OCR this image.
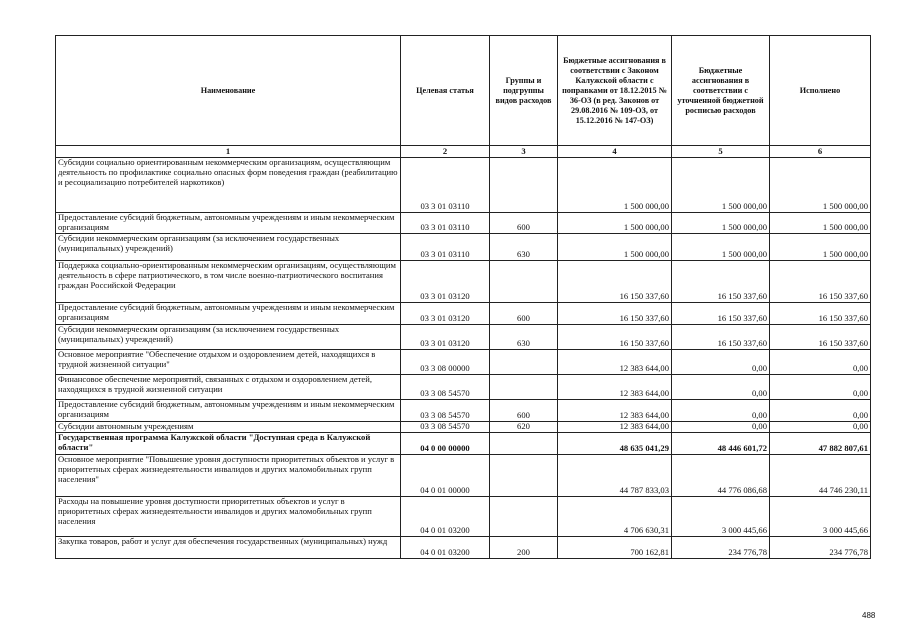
Наименование	Целевая статья	Группы и подгруппы видов расходов	Бюджетные ассигнования в соответствии с Законом Калужской области с поправками от 18.12.2015 № 36-ОЗ (в ред. Законов от 29.08.2016 № 109-ОЗ, от 15.12.2016 № 147-ОЗ)	Бюджетные ассигнования в соответствии с уточненной бюджетной росписью расходов	Исполнено
1	2	3	4	5	6
Субсидии социально ориентированным некоммерческим организациям, осуществляющим деятельность по профилактике социально опасных форм поведения граждан (реабилитацию и ресоциализацию потребителей наркотиков)	03 3 01 03110		1 500 000,00	1 500 000,00	1 500 000,00
Предоставление субсидий бюджетным, автономным учреждениям и иным некоммерческим организациям	03 3 01 03110	600	1 500 000,00	1 500 000,00	1 500 000,00
Субсидии некоммерческим организациям (за исключением государственных (муниципальных) учреждений)	03 3 01 03110	630	1 500 000,00	1 500 000,00	1 500 000,00
Поддержка социально-ориентированным некоммерческим организациям, осуществляющим деятельность в сфере патриотического, в том числе военно-патриотического воспитания граждан Российской Федерации	03 3 01 03120		16 150 337,60	16 150 337,60	16 150 337,60
Предоставление субсидий бюджетным, автономным учреждениям и иным некоммерческим организациям	03 3 01 03120	600	16 150 337,60	16 150 337,60	16 150 337,60
Субсидии некоммерческим организациям (за исключением государственных (муниципальных) учреждений)	03 3 01 03120	630	16 150 337,60	16 150 337,60	16 150 337,60
Основное мероприятие "Обеспечение отдыхом и оздоровлением детей, находящихся в трудной жизненной ситуации"	03 3 08 00000		12 383 644,00	0,00	0,00
Финансовое обеспечение мероприятий, связанных с отдыхом и оздоровлением детей, находящихся в трудной жизненной ситуации	03 3 08 54570		12 383 644,00	0,00	0,00
Предоставление субсидий бюджетным, автономным учреждениям и иным некоммерческим организациям	03 3 08 54570	600	12 383 644,00	0,00	0,00
Субсидии автономным учреждениям	03 3 08 54570	620	12 383 644,00	0,00	0,00
Государственная программа Калужской области "Доступная среда в Калужской области"	04 0 00 00000		48 635 041,29	48 446 601,72	47 882 807,61
Основное мероприятие "Повышение уровня доступности приоритетных объектов и услуг в приоритетных сферах жизнедеятельности инвалидов и других маломобильных групп населения"	04 0 01 00000		44 787 833,03	44 776 086,68	44 746 230,11
Расходы на повышение уровня доступности приоритетных объектов и услуг в приоритетных сферах жизнедеятельности инвалидов и других маломобильных групп населения	04 0 01 03200		4 706 630,31	3 000 445,66	3 000 445,66
Закупка товаров, работ и услуг для обеспечения государственных (муниципальных) нужд	04 0 01 03200	200	700 162,81	234 776,78	234 776,78
488
